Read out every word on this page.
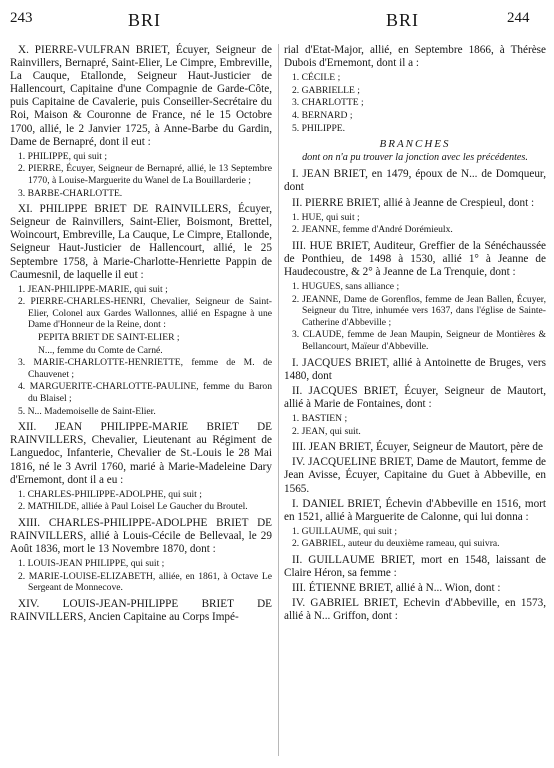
243	BRI	BRI	244

X. PIERRE-VULFRAN BRIET, Écuyer, Seigneur de Rainvillers, Bernapré, Saint-Elier, Le Cimpre, Embreville, La Cauque, Etallonde, Seigneur Haut-Justicier de Hallencourt, Capitaine d'une Compagnie de Garde-Côte, puis Capitaine de Cavalerie, puis Conseiller-Secrétaire du Roi, Maison & Couronne de France, né le 15 Octobre 1700, allié, le 2 Janvier 1725, à Anne-Barbe du Gardin, Dame de Bernapré, dont il eut :

1. PHILIPPE, qui suit ;
2. PIERRE, Écuyer, Seigneur de Bernapré, allié, le 13 Septembre 1770, à Louise-Marguerite du Wanel de La Bouillarderie ;
3. BARBE-CHARLOTTE.

XI. PHILIPPE BRIET DE RAINVILLERS, Écuyer, Seigneur de Rainvillers, Saint-Elier, Boismont, Brettel, Woincourt, Embreville, La Cauque, Le Cimpre, Etallonde, Seigneur Haut-Justicier de Hallencourt, allié, le 25 Septembre 1758, à Marie-Charlotte-Henriette Pappin de Caumesnil, de laquelle il eut :

1. JEAN-PHILIPPE-MARIE, qui suit ;
2. PIERRE-CHARLES-HENRI, Chevalier, Seigneur de Saint-Elier, Colonel aux Gardes Wallonnes, allié en Espagne à une Dame d'Honneur de la Reine, dont :
PEPITA BRIET DE SAINT-ELIER ;
N..., femme du Comte de Carné.
3. MARIE-CHARLOTTE-HENRIETTE, femme de M. de Chauvenet ;
4. MARGUERITE-CHARLOTTE-PAULINE, femme du Baron du Blaisel ;
5. N... Mademoiselle de Saint-Elier.

XII. JEAN PHILIPPE-MARIE BRIET DE RAINVILLERS, Chevalier, Lieutenant au Régiment de Languedoc, Infanterie, Chevalier de St.-Louis le 28 Mai 1816, né le 3 Avril 1760, marié à Marie-Madeleine Dary d'Ernemont, dont il a eu :

1. CHARLES-PHILIPPE-ADOLPHE, qui suit ;
2. MATHILDE, alliée à Paul Loisel Le Gaucher du Broutel.

XIII. CHARLES-PHILIPPE-ADOLPHE BRIET DE RAINVILLERS, allié à Louis-Cécile de Bellevaal, le 29 Août 1836, mort le 13 Novembre 1870, dont :

1. LOUIS-JEAN PHILIPPE, qui suit ;
2. MARIE-LOUISE-ELIZABETH, alliée, en 1861, à Octave Le Sergeant de Monnecove.

XIV. LOUIS-JEAN-PHILIPPE BRIET DE RAINVILLERS, Ancien Capitaine au Corps Impé-

rial d'Etat-Major, allié, en Septembre 1866, à Thérèse Dubois d'Ernemont, dont il a :

1. CÉCILE ;
2. GABRIELLE ;
3. CHARLOTTE ;
4. BERNARD ;
5. PHILIPPE.

BRANCHES

dont on n'a pu trouver la jonction avec les précédentes.

I. JEAN BRIET, en 1479, époux de N... de Domqueur, dont

II. PIERRE BRIET, allié à Jeanne de Crespieul, dont :

1. HUE, qui suit ;
2. JEANNE, femme d'André Dorémieulx.

III. HUE BRIET, Auditeur, Greffier de la Sénéchaussée de Ponthieu, de 1498 à 1530, allié 1° à Jeanne de Haudecoustre, & 2° à Jeanne de La Trenquie, dont :

1. HUGUES, sans alliance ;
2. JEANNE, Dame de Gorenflos, femme de Jean Ballen, Écuyer, Seigneur du Titre, inhumée vers 1637, dans l'église de Sainte-Catherine d'Abbeville ;
3. CLAUDE, femme de Jean Maupin, Seigneur de Montières & Bellancourt, Maïeur d'Abbeville.

I. JACQUES BRIET, allié à Antoinette de Bruges, vers 1480, dont

II. JACQUES BRIET, Écuyer, Seigneur de Mautort, allié à Marie de Fontaines, dont :

1. BASTIEN ;
2. JEAN, qui suit.

III. JEAN BRIET, Écuyer, Seigneur de Mautort, père de

IV. JACQUELINE BRIET, Dame de Mautort, femme de Jean Avisse, Écuyer, Capitaine du Guet à Abbeville, en 1565.

I. DANIEL BRIET, Échevin d'Abbeville en 1516, mort en 1521, allié à Marguerite de Calonne, qui lui donna :

1. GUILLAUME, qui suit ;
2. GABRIEL, auteur du deuxième rameau, qui suivra.

II. GUILLAUME BRIET, mort en 1548, laissant de Claire Héron, sa femme :

III. ÉTIENNE BRIET, allié à N... Wion, dont :

IV. GABRIEL BRIET, Echevin d'Abbeville, en 1573, allié à N... Griffon, dont :
